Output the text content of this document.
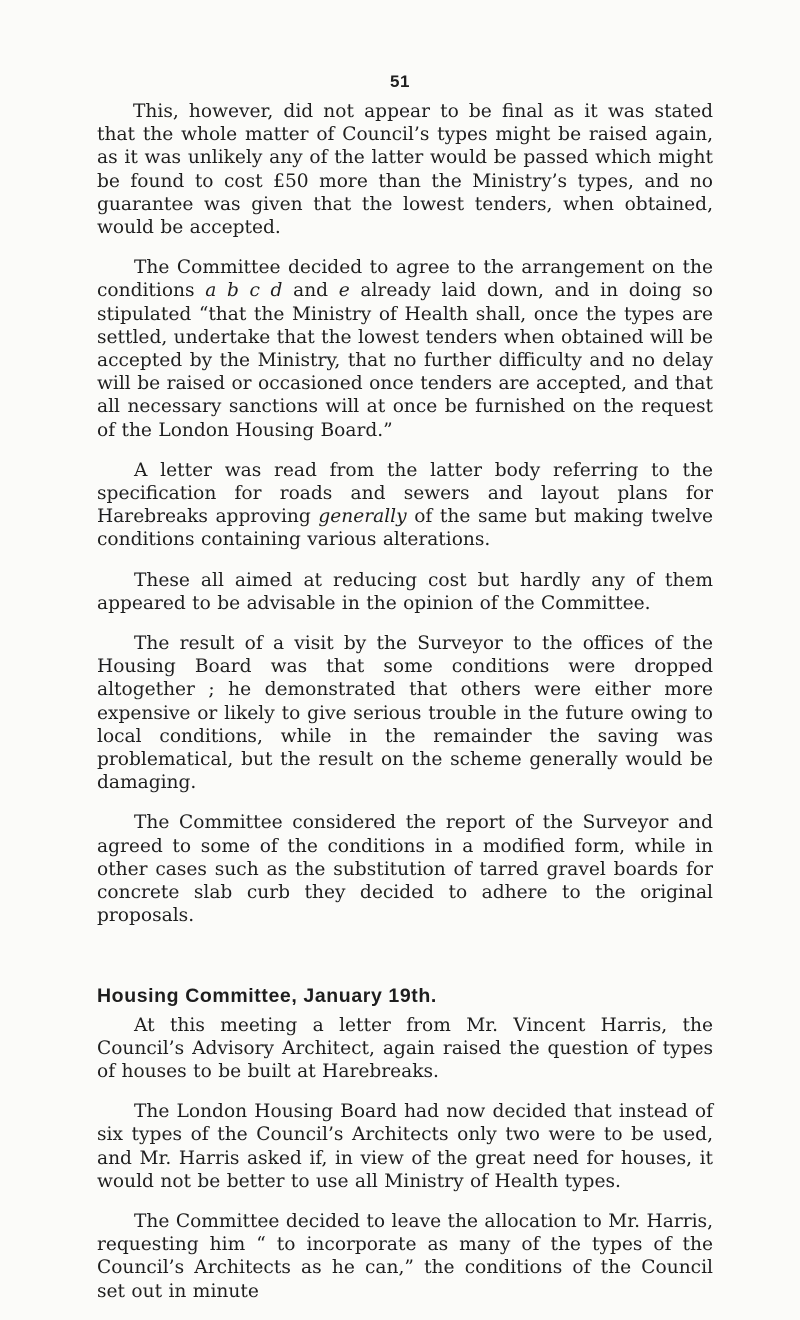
51

This, however, did not appear to be final as it was stated that the whole matter of Council’s types might be raised again, as it was unlikely any of the latter would be passed which might be found to cost £50 more than the Ministry’s types, and no guarantee was given that the lowest tenders, when obtained, would be accepted.

The Committee decided to agree to the arrangement on the conditions a b c d and e already laid down, and in doing so stipulated “that the Ministry of Health shall, once the types are settled, undertake that the lowest tenders when obtained will be accepted by the Ministry, that no further difficulty and no delay will be raised or occasioned once tenders are accepted, and that all necessary sanctions will at once be furnished on the request of the London Housing Board.”

A letter was read from the latter body referring to the specification for roads and sewers and layout plans for Harebreaks approving generally of the same but making twelve conditions containing various alterations.

These all aimed at reducing cost but hardly any of them appeared to be advisable in the opinion of the Committee.

The result of a visit by the Surveyor to the offices of the Housing Board was that some conditions were dropped altogether ; he demonstrated that others were either more expensive or likely to give serious trouble in the future owing to local conditions, while in the remainder the saving was problematical, but the result on the scheme generally would be damaging.

The Committee considered the report of the Surveyor and agreed to some of the conditions in a modified form, while in other cases such as the substitution of tarred gravel boards for concrete slab curb they decided to adhere to the original proposals.

Housing Committee, January 19th.

At this meeting a letter from Mr. Vincent Harris, the Council’s Advisory Architect, again raised the question of types of houses to be built at Harebreaks.

The London Housing Board had now decided that instead of six types of the Council’s Architects only two were to be used, and Mr. Harris asked if, in view of the great need for houses, it would not be better to use all Ministry of Health types.

The Committee decided to leave the allocation to Mr. Harris, requesting him “ to incorporate as many of the types of the Council’s Architects as he can,” the conditions of the Council set out in minute
